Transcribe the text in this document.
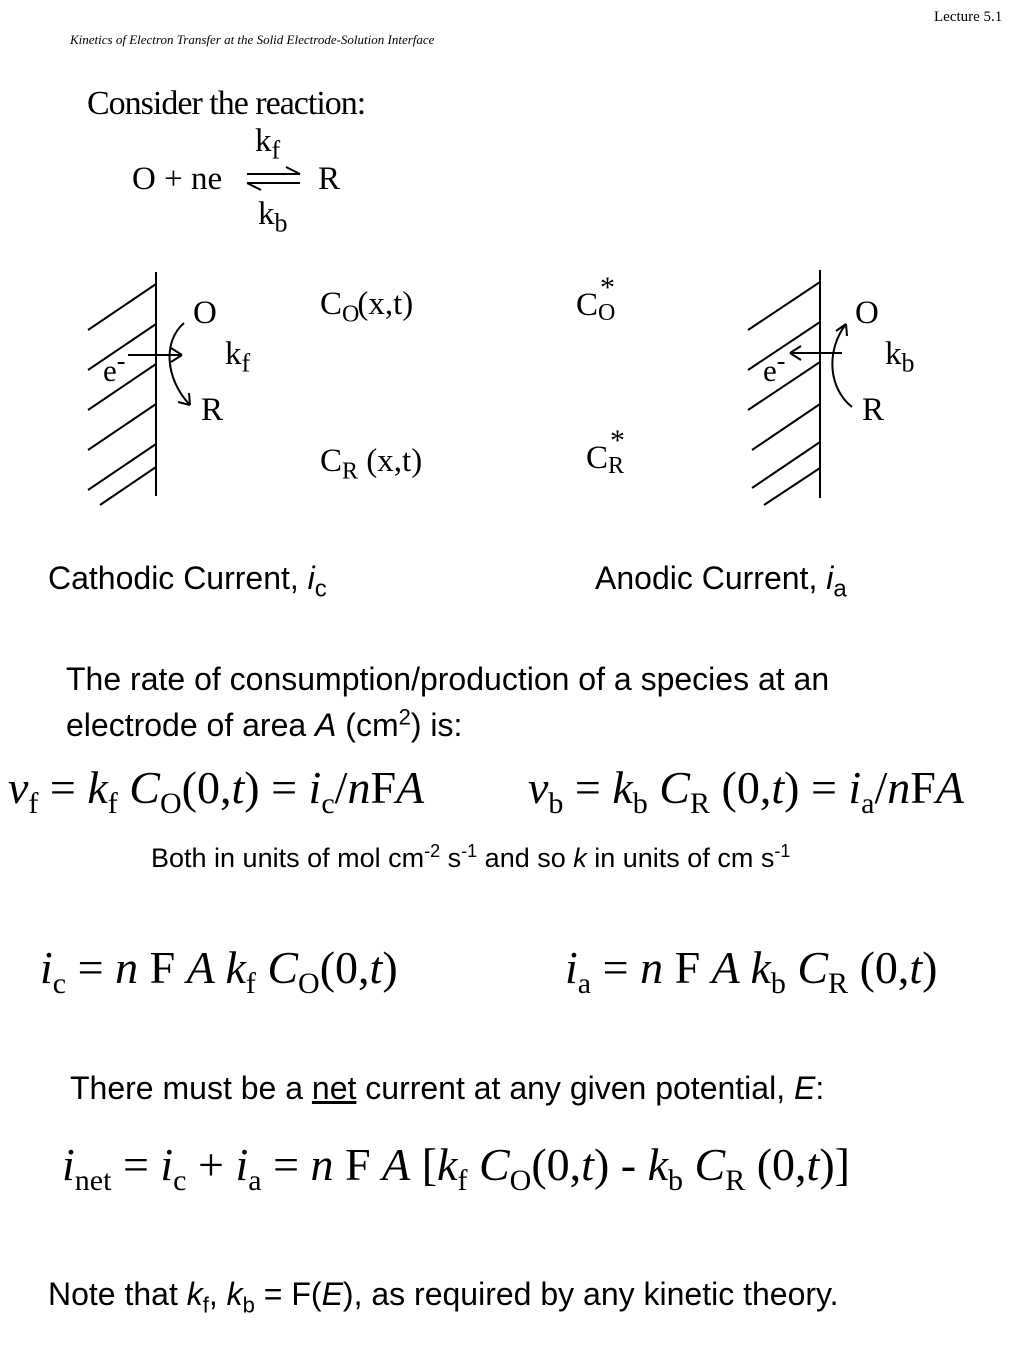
Lecture 5.1
Kinetics of Electron Transfer at the Solid Electrode-Solution Interface
Consider the reaction:
$k_f$
O + ne	R
$k_b$
O
$k_f$
e-
R
$C_O(x,t)$
$C_R$ (x,t)
C *
O
C *
R
O
$k_b$
e-
R
Cathodic Current, $i_c$	Anodic Current, $i_a$
The rate of consumption/production of a species at an
electrode of area A $(cm^2)$ is:
$v_f = k_f$ $C_O(0,t) = i_c/nFA$ $v_b = k_b$ $C_R$ $(0,t) = i_a$/nFA
Both in units of mol $cm^{-2}$ $s^{-1}$ and so k in units of cm $s^{-1}$
$i_c = n$ F A $k_f$ $C_O(0,t)$	$i_a = n$ F A $k_b$ $C_R$ (0,t)
There must be a net current at any given potential, E:
$i_{net} = i_c + i_a = n$ F A [$k_f$ $C_O(0,t) - k_b$ $C_R$ (0,t)]
Note that $k_f$, $k_b = F(E)$, as required by any kinetic theory.
